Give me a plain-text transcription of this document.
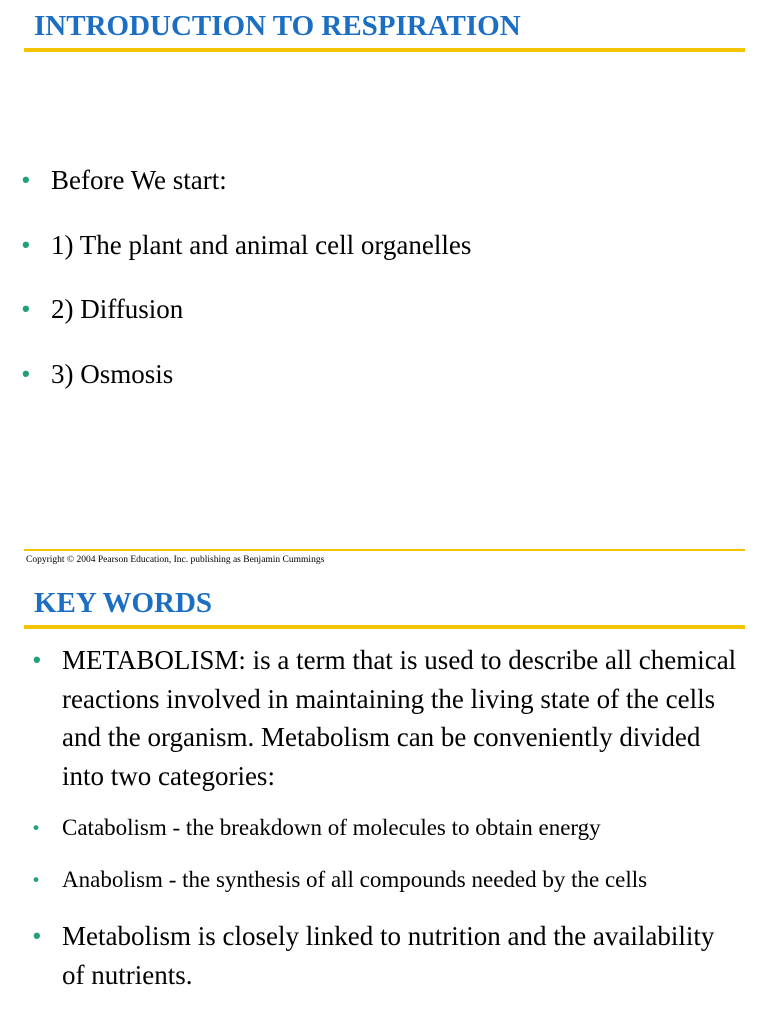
INTRODUCTION TO RESPIRATION
• Before We start:
• 1) The plant and animal cell organelles
• 2) Diffusion
• 3) Osmosis
Copyright © 2004 Pearson Education, Inc. publishing as Benjamin Cummings
KEY WORDS
• METABOLISM: is a term that is used to describe all chemical reactions involved in maintaining the living state of the cells and the organism. Metabolism can be conveniently divided into two categories:
• Catabolism - the breakdown of molecules to obtain energy
• Anabolism - the synthesis of all compounds needed by the cells
• Metabolism is closely linked to nutrition and the availability of nutrients.
